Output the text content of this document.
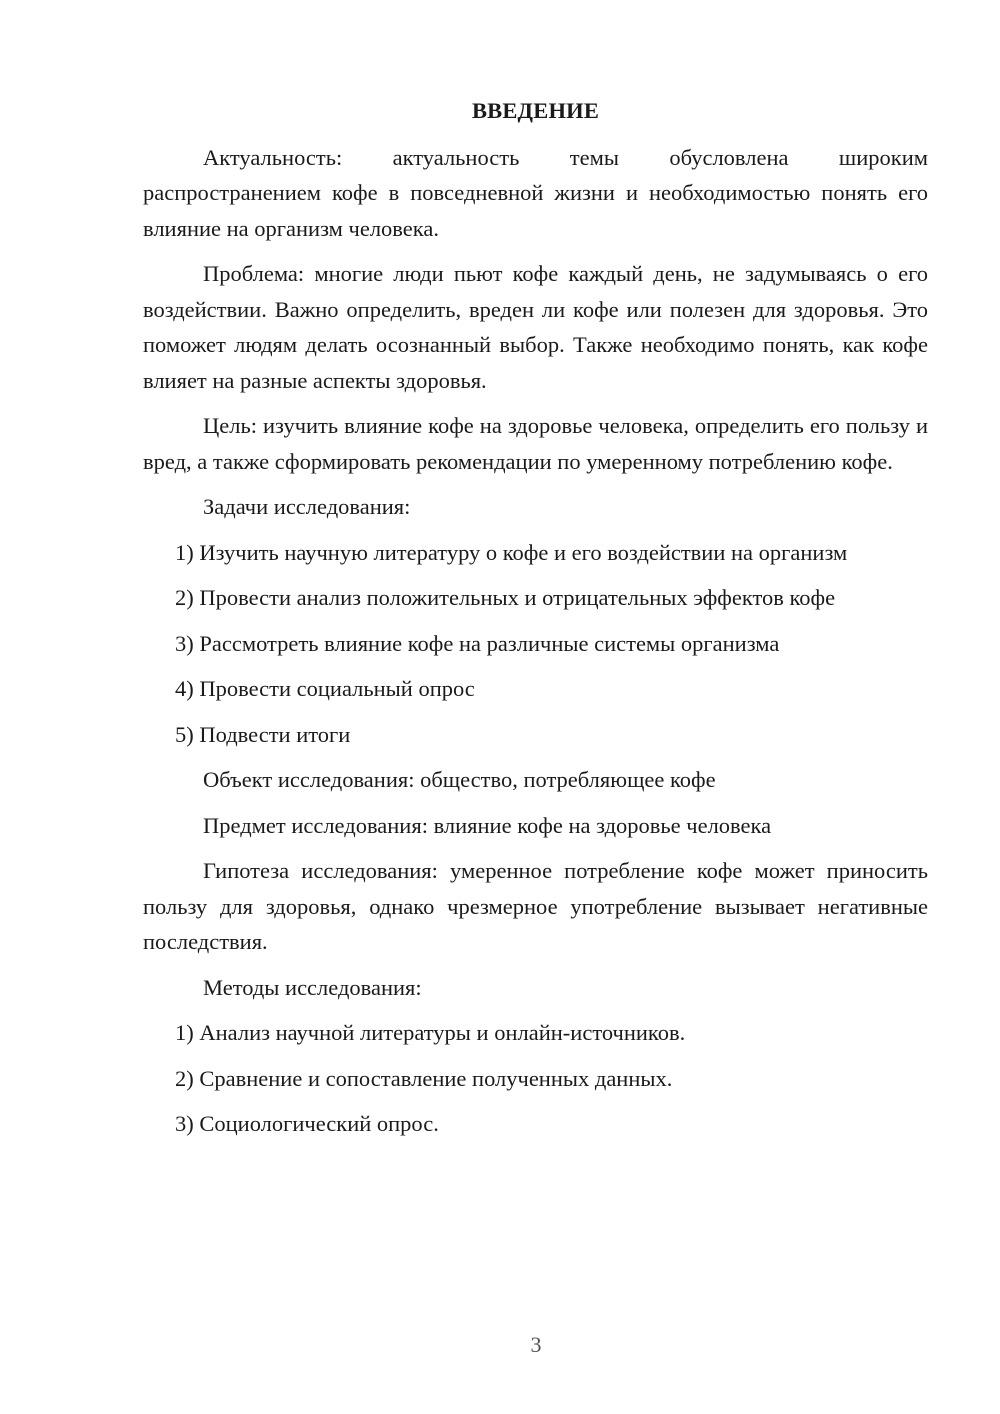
ВВЕДЕНИЕ
Актуальность: актуальность темы обусловлена широким распространением кофе в повседневной жизни и необходимостью понять его влияние на организм человека.
Проблема: многие люди пьют кофе каждый день, не задумываясь о его воздействии. Важно определить, вреден ли кофе или полезен для здоровья. Это поможет людям делать осознанный выбор. Также необходимо понять, как кофе влияет на разные аспекты здоровья.
Цель: изучить влияние кофе на здоровье человека, определить его пользу и вред, а также сформировать рекомендации по умеренному потреблению кофе.
Задачи исследования:
1) Изучить научную литературу о кофе и его воздействии на организм
2) Провести анализ положительных и отрицательных эффектов кофе
3) Рассмотреть влияние кофе на различные системы организма
4) Провести социальный опрос
5) Подвести итоги
Объект исследования: общество, потребляющее кофе
Предмет исследования: влияние кофе на здоровье человека
Гипотеза исследования: умеренное потребление кофе может приносить пользу для здоровья, однако чрезмерное употребление вызывает негативные последствия.
Методы исследования:
1) Анализ научной литературы и онлайн-источников.
2) Сравнение и сопоставление полученных данных.
3) Социологический опрос.
3
